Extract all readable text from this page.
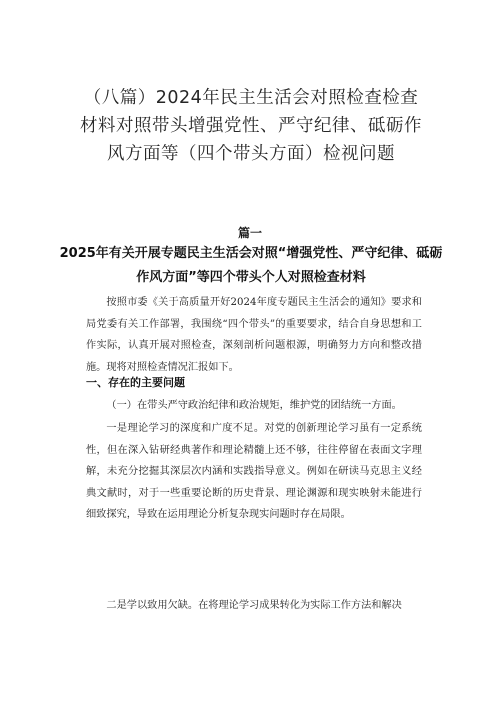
（八篇）2024年民主生活会对照检查检查材料对照带头增强党性、严守纪律、砥砺作风方面等（四个带头方面）检视问题
篇一
2025年有关开展专题民主生活会对照“增强党性、严守纪律、砥砺作风方面”等四个带头个人对照检查材料

按照市委《关于高质量开好2024年度专题民主生活会的通知》要求和局党委有关工作部署，我围绕“四个带头”的重要要求，结合自身思想和工作实际，认真开展对照检查，深刻剖析问题根源，明确努力方向和整改措施。现将对照检查情况汇报如下。

一、存在的主要问题

（一）在带头严守政治纪律和政治规矩，维护党的团结统一方面。

一是理论学习的深度和广度不足。对党的创新理论学习虽有一定系统性，但在深入钻研经典著作和理论精髓上还不够，往往停留在表面文字理解，未充分挖掘其深层次内涵和实践指导意义。例如在研读马克思主义经典文献时，对于一些重要论断的历史背景、理论渊源和现实映射未能进行细致探究，导致在运用理论分析复杂现实问题时存在局限。

二是学以致用欠缺。在将理论学习成果转化为实际工作方法和解决
